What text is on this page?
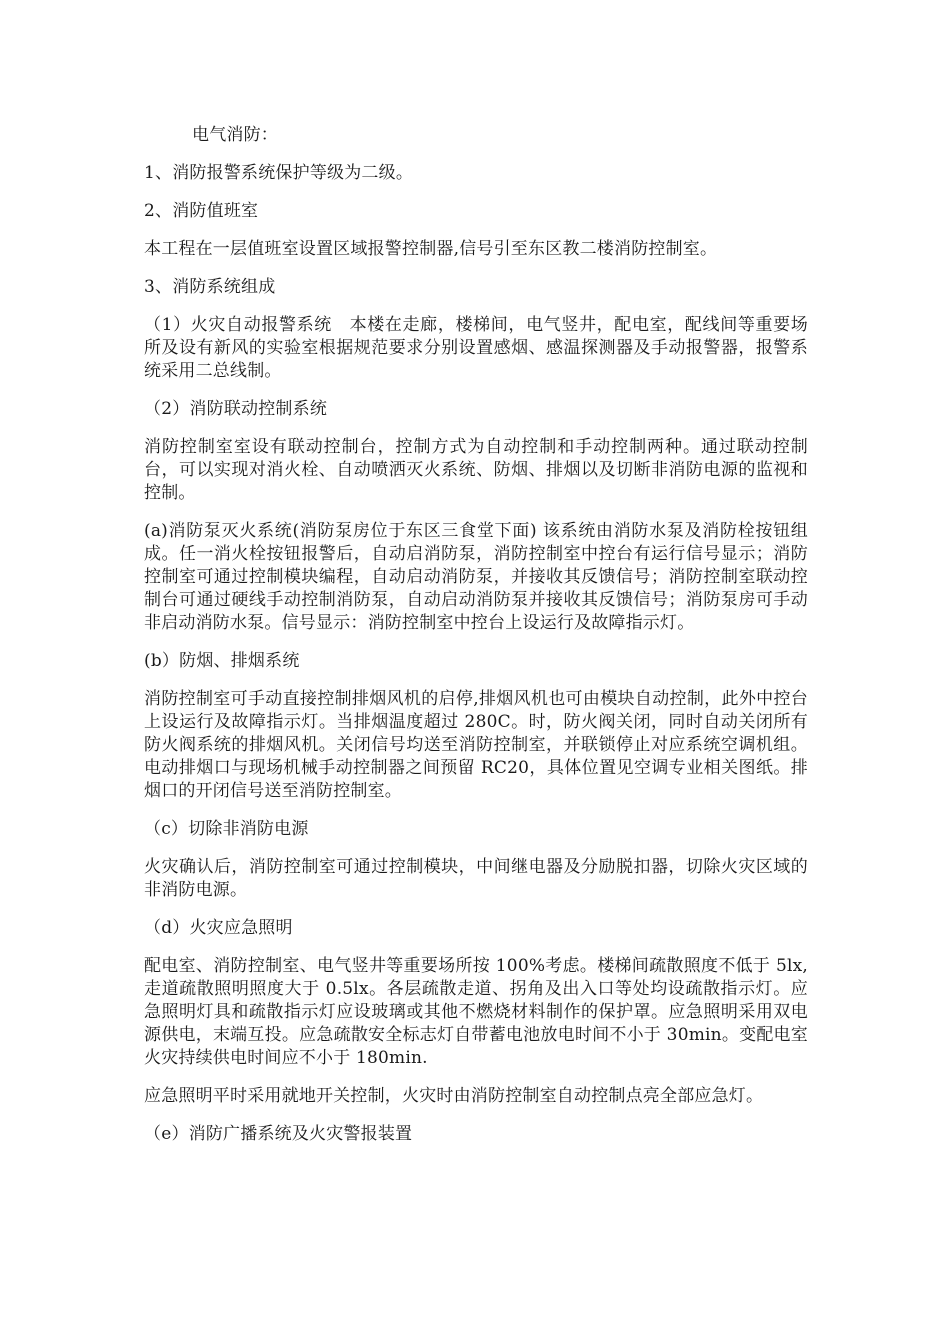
电气消防：

1、消防报警系统保护等级为二级。

2、消防值班室

本工程在一层值班室设置区域报警控制器,信号引至东区教二楼消防控制室。

3、消防系统组成

（1）火灾自动报警系统　本楼在走廊，楼梯间，电气竖井，配电室，配线间等重要场所及设有新风的实验室根据规范要求分别设置感烟、感温探测器及手动报警器，报警系统采用二总线制。

（2）消防联动控制系统

消防控制室室设有联动控制台，控制方式为自动控制和手动控制两种。通过联动控制台，可以实现对消火栓、自动喷洒灭火系统、防烟、排烟以及切断非消防电源的监视和控制。

(a)消防泵灭火系统(消防泵房位于东区三食堂下面) 该系统由消防水泵及消防栓按钮组成。任一消火栓按钮报警后，自动启消防泵，消防控制室中控台有运行信号显示；消防控制室可通过控制模块编程，自动启动消防泵，并接收其反馈信号；消防控制室联动控制台可通过硬线手动控制消防泵，自动启动消防泵并接收其反馈信号；消防泵房可手动非启动消防水泵。信号显示：消防控制室中控台上设运行及故障指示灯。

(b）防烟、排烟系统

消防控制室可手动直接控制排烟风机的启停,排烟风机也可由模块自动控制，此外中控台上设运行及故障指示灯。当排烟温度超过 280C。时，防火阀关闭，同时自动关闭所有防火阀系统的排烟风机。关闭信号均送至消防控制室，并联锁停止对应系统空调机组。电动排烟口与现场机械手动控制器之间预留 RC20，具体位置见空调专业相关图纸。排烟口的开闭信号送至消防控制室。

（c）切除非消防电源

火灾确认后，消防控制室可通过控制模块，中间继电器及分励脱扣器，切除火灾区域的非消防电源。

（d）火灾应急照明

配电室、消防控制室、电气竖井等重要场所按 100%考虑。楼梯间疏散照度不低于 5lx, 走道疏散照明照度大于 0.5lx。各层疏散走道、拐角及出入口等处均设疏散指示灯。应急照明灯具和疏散指示灯应设玻璃或其他不燃烧材料制作的保护罩。应急照明采用双电源供电，末端互投。应急疏散安全标志灯自带蓄电池放电时间不小于 30min。变配电室火灾持续供电时间应不小于 180min.

应急照明平时采用就地开关控制，火灾时由消防控制室自动控制点亮全部应急灯。

（e）消防广播系统及火灾警报装置
